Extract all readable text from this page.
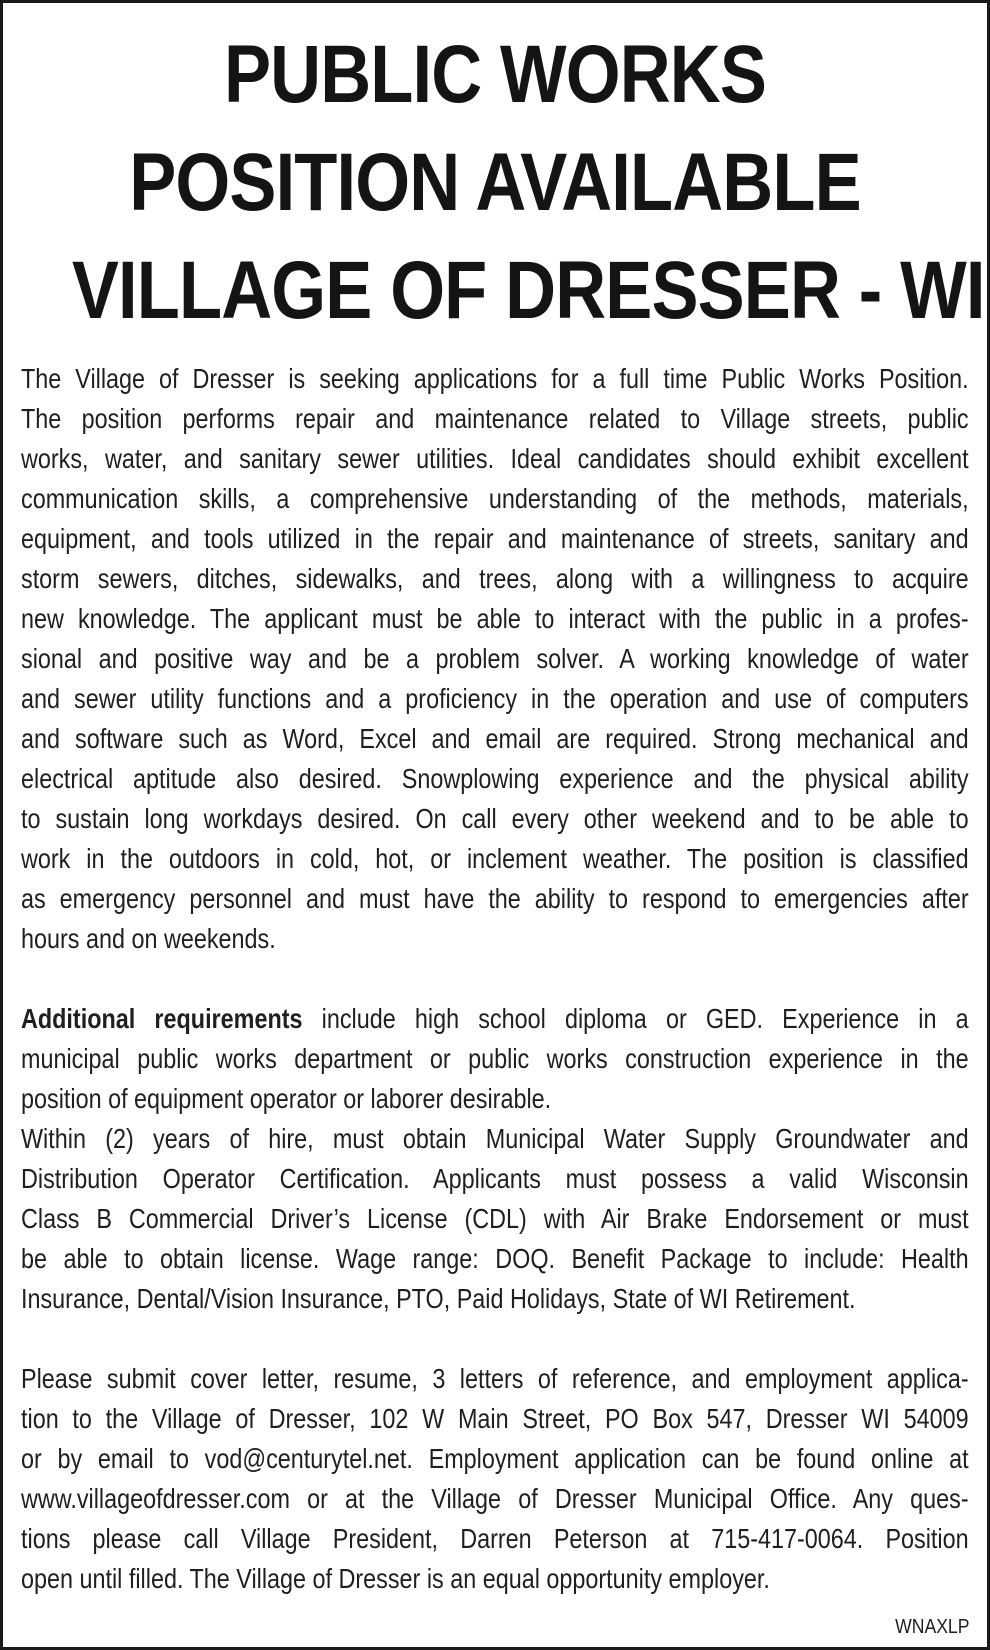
PUBLIC WORKS
POSITION AVAILABLE
VILLAGE OF DRESSER - WI
The Village of Dresser is seeking applications for a full time Public Works Position.
The position performs repair and maintenance related to Village streets, public
works, water, and sanitary sewer utilities. Ideal candidates should exhibit excellent
communication skills, a comprehensive understanding of the methods, materials,
equipment, and tools utilized in the repair and maintenance of streets, sanitary and
storm sewers, ditches, sidewalks, and trees, along with a willingness to acquire
new knowledge. The applicant must be able to interact with the public in a profes-
sional and positive way and be a problem solver. A working knowledge of water
and sewer utility functions and a proficiency in the operation and use of computers
and software such as Word, Excel and email are required. Strong mechanical and
electrical aptitude also desired. Snowplowing experience and the physical ability
to sustain long workdays desired. On call every other weekend and to be able to
work in the outdoors in cold, hot, or inclement weather. The position is classified
as emergency personnel and must have the ability to respond to emergencies after
hours and on weekends.
Additional requirements include high school diploma or GED. Experience in a
municipal public works department or public works construction experience in the
position of equipment operator or laborer desirable.
Within (2) years of hire, must obtain Municipal Water Supply Groundwater and
Distribution Operator Certification. Applicants must possess a valid Wisconsin
Class B Commercial Driver’s License (CDL) with Air Brake Endorsement or must
be able to obtain license. Wage range: DOQ. Benefit Package to include: Health
Insurance, Dental/Vision Insurance, PTO, Paid Holidays, State of WI Retirement.
Please submit cover letter, resume, 3 letters of reference, and employment applica-
tion to the Village of Dresser, 102 W Main Street, PO Box 547, Dresser WI 54009
or by email to vod@centurytel.net. Employment application can be found online at
www.villageofdresser.com or at the Village of Dresser Municipal Office. Any ques-
tions please call Village President, Darren Peterson at 715-417-0064. Position
open until filled. The Village of Dresser is an equal opportunity employer.
WNAXLP
